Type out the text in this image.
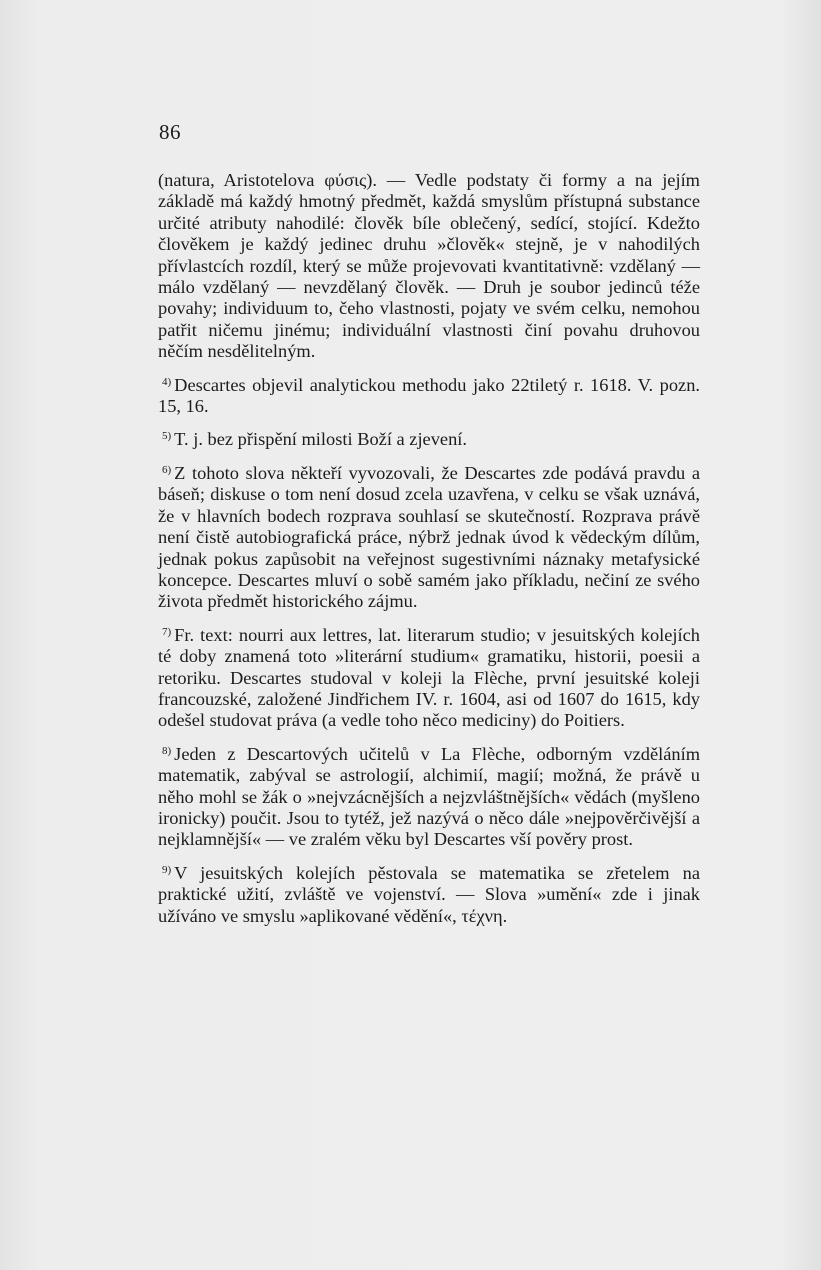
86

(natura, Aristotelova φύσις). — Vedle podstaty či formy a na jejím základě má každý hmotný předmět, každá smyslům přístupná substance určité atributy nahodilé: člověk bíle oblečený, sedící, stojící. Kdežto člověkem je každý jedinec druhu »člověk« stejně, je v nahodilých přívlastcích rozdíl, který se může projevovati kvantitativně: vzdělaný — málo vzdělaný — nevzdělaný člověk. — Druh je soubor jedinců téže povahy; individuum to, čeho vlastnosti, pojaty ve svém celku, nemohou patřit ničemu jinému; individuální vlastnosti činí povahu druhovou něčím nesdělitelným.

$^{4)}$ Descartes objevil analytickou methodu jako 22tiletý r. 1618. V. pozn. 15, 16.

$^{5)}$ T. j. bez přispění milosti Boží a zjevení.

$^{6)}$ Z tohoto slova někteří vyvozovali, že Descartes zde podává pravdu a báseň; diskuse o tom není dosud zcela uzavřena, v celku se však uznává, že v hlavních bodech rozprava souhlasí se skutečností. Rozprava právě není čistě autobiografická práce, nýbrž jednak úvod k vědeckým dílům, jednak pokus zapůsobit na veřejnost sugestivními náznaky metafysické koncepce. Descartes mluví o sobě samém jako příkladu, nečiní ze svého života předmět historického zájmu.

$^{7)}$ Fr. text: nourri aux lettres, lat. literarum studio; v jesuitských kolejích té doby znamená toto »literární studium« gramatiku, historii, poesii a retoriku. Descartes studoval v koleji la Flèche, první jesuitské koleji francouzské, založené Jindřichem IV. r. 1604, asi od 1607 do 1615, kdy odešel studovat práva (a vedle toho něco mediciny) do Poitiers.

$^{8)}$ Jeden z Descartových učitelů v La Flèche, odborným vzděláním matematik, zabýval se astrologií, alchimií, magií; možná, že právě u něho mohl se žák o »nejvzácnějších a nejzvláštnějších« vědách (myšleno ironicky) poučit. Jsou to tytéž, jež nazývá o něco dále »nejpověrčivější a nejklamnější« — ve zralém věku byl Descartes vší pověry prost.

$^{9)}$ V jesuitských kolejích pěstovala se matematika se zřetelem na praktické užití, zvláště ve vojenství. — Slova »umění« zde i jinak užíváno ve smyslu »aplikované vědění«, τέχνη.
